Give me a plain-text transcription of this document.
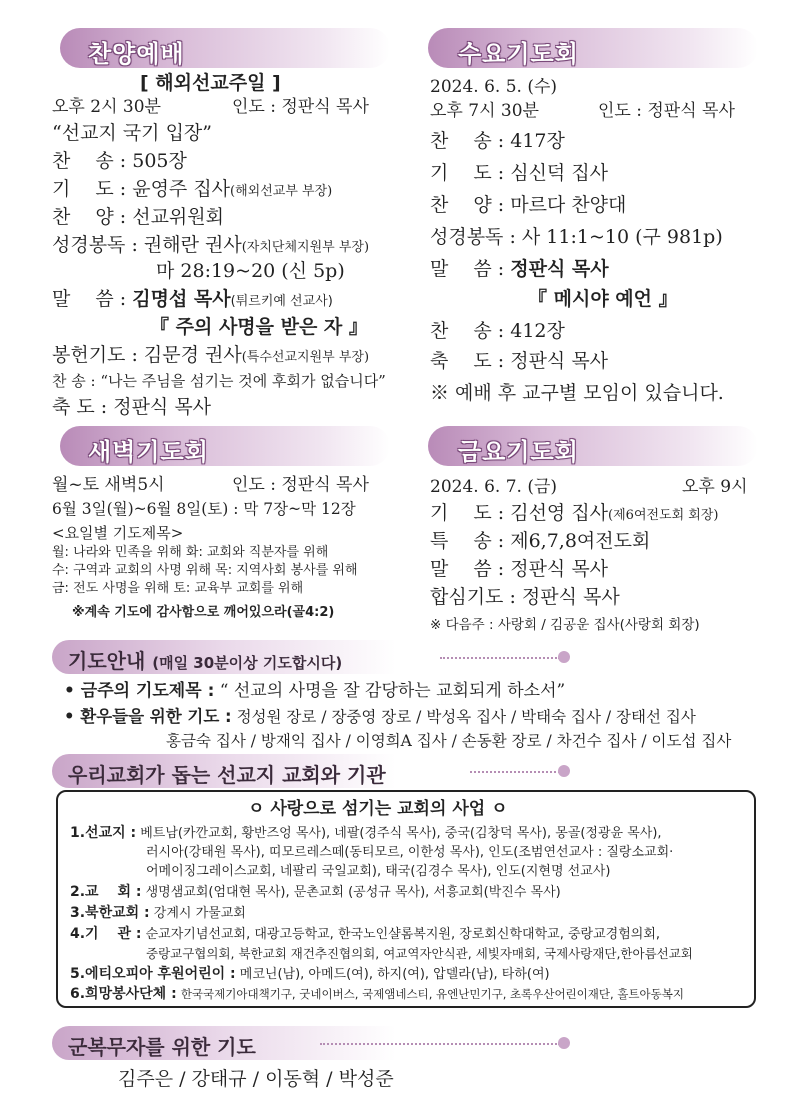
찬양예배
[ 해외선교주일 ]
오후 2시 30분	인도 : 정판식 목사
“선교지 국기 입장”
찬　 송 : 505장
기　 도 : 윤영주 집사(해외선교부 부장)
찬　 양 : 선교위원회
성경봉독 : 권해란 권사(자치단체지원부 부장)
마 28:19~20 (신 5p)
말　 씀 : 김명섭 목사(튀르키예 선교사)
『 주의 사명을 받은 자 』
봉헌기도 : 김문경 권사(특수선교지원부 부장)
찬 송 : “나는 주님을 섬기는 것에 후회가 없습니다”
축 도 : 정판식 목사
수요기도회
2024. 6. 5. (수)
오후 7시 30분	인도 : 정판식 목사
찬　 송 : 417장
기　 도 : 심신덕 집사
찬　 양 : 마르다 찬양대
성경봉독 : 사 11:1~10 (구 981p)
말　 씀 : 정판식 목사
『 메시야 예언 』
찬　 송 : 412장
축　 도 : 정판식 목사
※ 예배 후 교구별 모임이 있습니다.
새벽기도회
월~토 새벽5시	인도 : 정판식 목사
6월 3일(월)~6월 8일(토) : 막 7장~막 12장
<요일별 기도제목>
월: 나라와 민족을 위해 화: 교회와 직분자를 위해
수: 구역과 교회의 사명 위해 목: 지역사회 봉사를 위해
금: 전도 사명을 위해 토: 교육부 교회를 위해
※계속 기도에 감사함으로 깨어있으라(골4:2)
금요기도회
2024. 6. 7. (금)	오후 9시
기　 도 : 김선영 집사(제6여전도회 회장)
특　 송 : 제6,7,8여전도회
말　 씀 : 정판식 목사
합심기도 : 정판식 목사
※ 다음주 : 사랑회 / 김공운 집사(사랑회 회장)
기도안내 (매일 30분이상 기도합시다)
• 금주의 기도제목 : “ 선교의 사명을 잘 감당하는 교회되게 하소서”
• 환우들을 위한 기도 : 정성원 장로 / 장중영 장로 / 박성옥 집사 / 박태숙 집사 / 장태선 집사
홍금숙 집사 / 방재익 집사 / 이영희A 집사 / 손동환 장로 / 차건수 집사 / 이도섭 집사
우리교회가 돕는 선교지 교회와 기관
ㅇ 사랑으로 섬기는 교회의 사업 ㅇ
1.선교지 : 베트남(카깐교회, 황반즈엉 목사), 네팔(경주식 목사), 중국(김창덕 목사), 몽골(정광윤 목사),
러시아(강태원 목사), 띠모르레스떼(동티모르, 이한성 목사), 인도(조범연선교사 : 질랑소교회·
어메이징그레이스교회, 네팔리 국일교회), 태국(김경수 목사), 인도(지현명 선교사)
2.교　 회 : 생명샘교회(엄대현 목사), 문촌교회 (공성규 목사), 서흥교회(박진수 목사)
3.북한교회 : 강계시 가물교회
4.기　 관 : 순교자기념선교회, 대광고등학교, 한국노인샬롬복지원, 장로회신학대학교, 중랑교경험의회,
중랑교구협의회, 북한교회 재건추진협의회, 여교역자안식관, 세빛자매회, 국제사랑재단,한아름선교회
5.에티오피아 후원어린이 : 메코닌(남), 아메드(여), 하지(여), 압델라(남), 타하(여)
6.희망봉사단체 : 한국국제기아대책기구, 굿네이버스, 국제앰네스티, 유엔난민기구, 초록우산어린이재단, 홀트아동복지
군복무자를 위한 기도
김주은 / 강태규 / 이동혁 / 박성준
